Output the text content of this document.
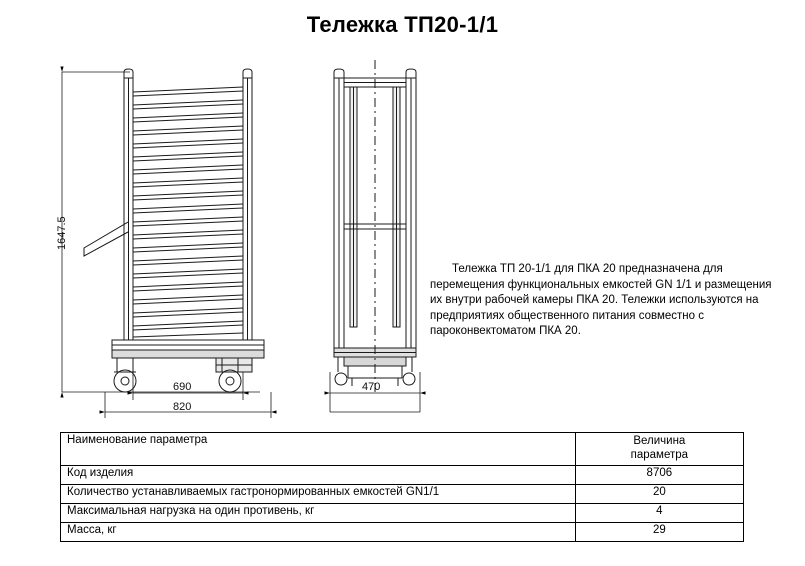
Тележка ТП20-1/1
1647.5
690
820
470
Тележка ТП 20-1/1 для ПКА 20 предназначена для перемещения функциональных емкостей GN 1/1 и размещения их внутри рабочей камеры ПКА 20. Тележки используются на предприятиях общественного питания совместно с пароконвектоматом ПКА 20.
Наименование параметра	Величина
параметра

Код изделия	8706
Количество устанавливаемых гастронормированных емкостей GN1/1	20
Максимальная нагрузка на один противень, кг	4
Масса, кг	29
